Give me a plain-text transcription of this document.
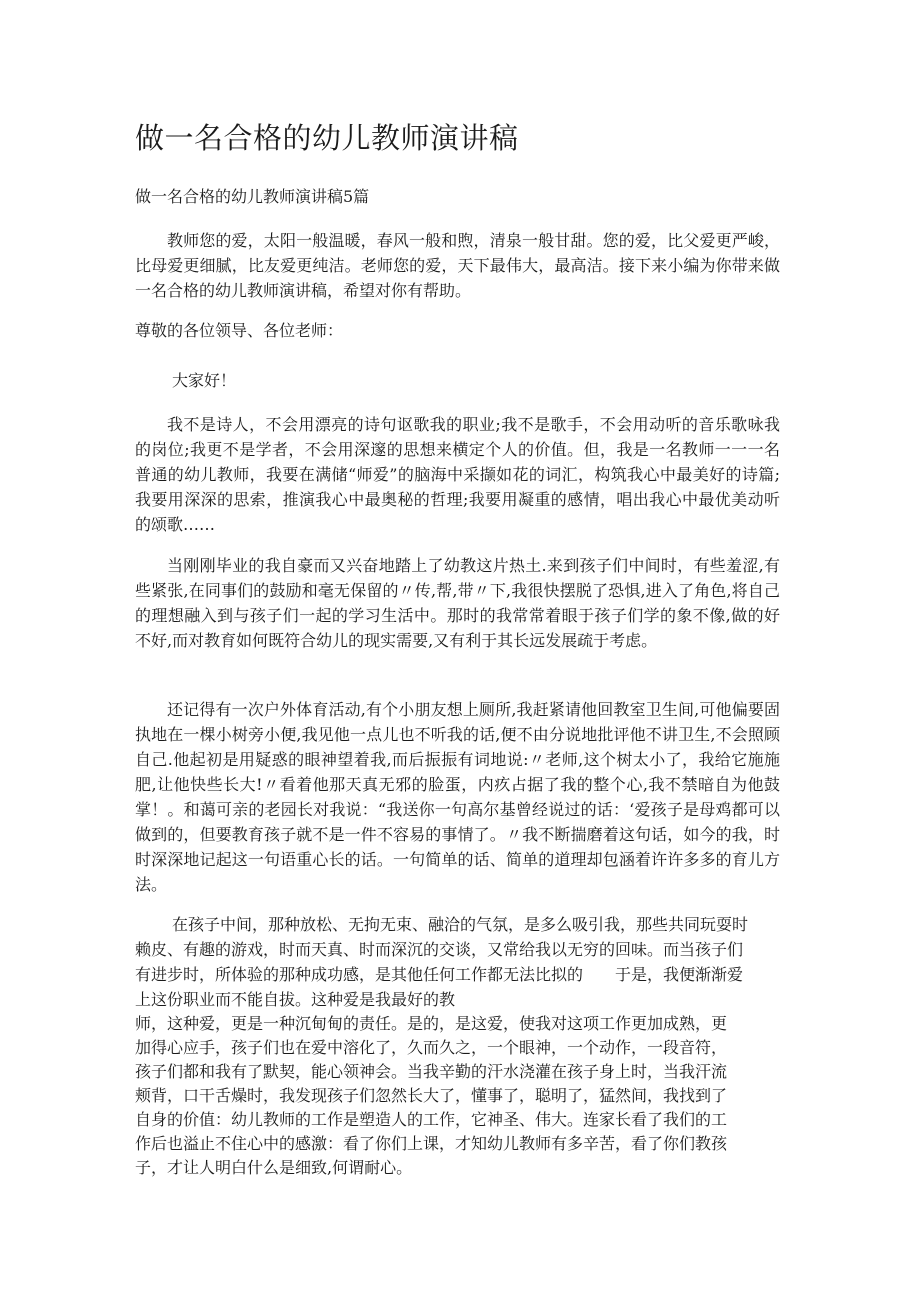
做一名合格的幼儿教师演讲稿

做一名合格的幼儿教师演讲稿5篇

教师您的爱，太阳一般温暖，春风一般和煦，清泉一般甘甜。您的爱，比父爱更严峻，比母爱更细腻，比友爱更纯洁。老师您的爱，天下最伟大，最高洁。接下来小编为你带来做一名合格的幼儿教师演讲稿，希望对你有帮助。

尊敬的各位领导、各位老师：

大家好！

我不是诗人，不会用漂亮的诗句讴歌我的职业;我不是歌手，不会用动听的音乐歌咏我的岗位;我更不是学者，不会用深邃的思想来横定个人的价值。但，我是一名教师一一一名普通的幼儿教师，我要在满储“师爱”的脑海中采撷如花的词汇，构筑我心中最美好的诗篇;我要用深深的思索，推演我心中最奥秘的哲理;我要用凝重的感情，唱出我心中最优美动听的颂歌……

当刚刚毕业的我自豪而又兴奋地踏上了幼教这片热土.来到孩子们中间时，有些羞涩,有些紧张,在同事们的鼓励和毫无保留的〃传,帮,带〃下,我很快摆脱了恐惧,进入了角色,将自己的理想融入到与孩子们一起的学习生活中。那时的我常常着眼于孩子们学的象不像,做的好不好,而对教育如何既符合幼儿的现实需要,又有利于其长远发展疏于考虑。

还记得有一次户外体育活动,有个小朋友想上厕所,我赶紧请他回教室卫生间,可他偏要固执地在一棵小树旁小便,我见他一点儿也不听我的话,便不由分说地批评他不讲卫生,不会照顾自己.他起初是用疑惑的眼神望着我,而后振振有词地说:〃老师,这个树太小了，我给它施施肥,让他快些长大!〃看着他那天真无邪的脸蛋，内疚占据了我的整个心,我不禁暗自为他鼓掌！。和蔼可亲的老园长对我说：“我送你一句高尔基曾经说过的话：‘爱孩子是母鸡都可以做到的，但要教育孩子就不是一件不容易的事情了。〃我不断揣磨着这句话，如今的我，时时深深地记起这一句语重心长的话。一句简单的话、简单的道理却包涵着许许多多的育儿方法。

在孩子中间，那种放松、无拘无束、融洽的气氛，是多么吸引我，那些共同玩耍时

赖皮、有趣的游戏，时而天真、时而深沉的交谈，又常给我以无穷的回味。而当孩子们

有进步时，所体验的那种成功感，是其他任何工作都无法比拟的　　于是，我便渐渐爱

上这份职业而不能自拔。这种爱是我最好的教

师，这种爱，更是一种沉甸甸的责任。是的，是这爱，使我对这项工作更加成熟，更

加得心应手，孩子们也在爱中溶化了，久而久之，一个眼神，一个动作，一段音符，

孩子们都和我有了默契，能心领神会。当我辛勤的汗水浇灌在孩子身上时，当我汗流

颊背，口干舌燥时，我发现孩子们忽然长大了，懂事了，聪明了，猛然间，我找到了

自身的价值：幼儿教师的工作是塑造人的工作，它神圣、伟大。连家长看了我们的工

作后也溢止不住心中的感激：看了你们上课，才知幼儿教师有多辛苦，看了你们教孩

子，才让人明白什么是细致,何谓耐心。
